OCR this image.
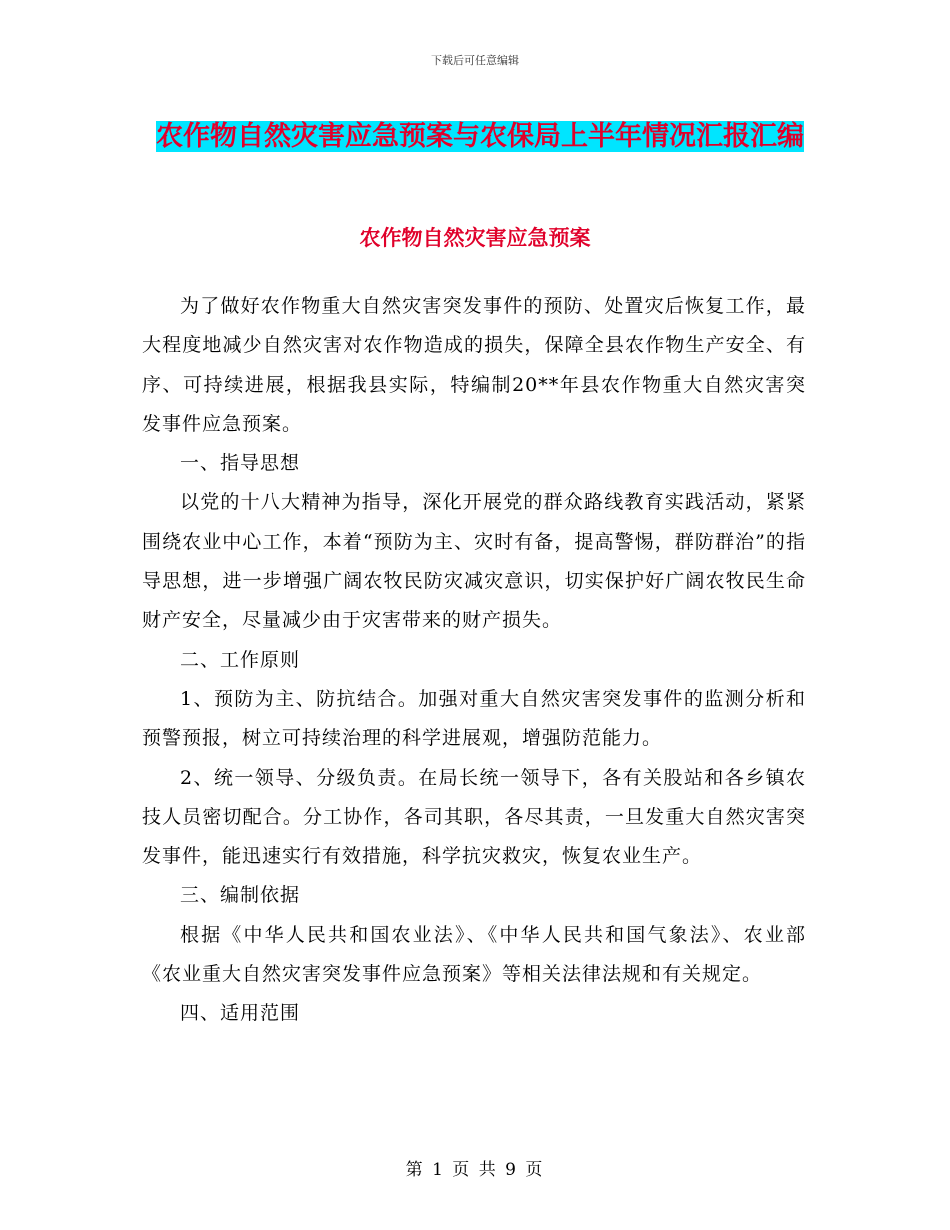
下载后可任意编辑
农作物自然灾害应急预案与农保局上半年情况汇报汇编
农作物自然灾害应急预案

为了做好农作物重大自然灾害突发事件的预防、处置灾后恢复工作，最大程度地减少自然灾害对农作物造成的损失，保障全县农作物生产安全、有序、可持续进展，根据我县实际，特编制20**年县农作物重大自然灾害突发事件应急预案。

一、指导思想

以党的十八大精神为指导，深化开展党的群众路线教育实践活动，紧紧围绕农业中心工作，本着“预防为主、灾时有备，提高警惕，群防群治”的指导思想，进一步增强广阔农牧民防灾减灾意识，切实保护好广阔农牧民生命财产安全，尽量减少由于灾害带来的财产损失。

二、工作原则

1、预防为主、防抗结合。加强对重大自然灾害突发事件的监测分析和预警预报，树立可持续治理的科学进展观，增强防范能力。

2、统一领导、分级负责。在局长统一领导下，各有关股站和各乡镇农技人员密切配合。分工协作，各司其职，各尽其责，一旦发重大自然灾害突发事件，能迅速实行有效措施，科学抗灾救灾，恢复农业生产。

三、编制依据

根据《中华人民共和国农业法》、《中华人民共和国气象法》、农业部《农业重大自然灾害突发事件应急预案》等相关法律法规和有关规定。

四、适用范围

第 1 页 共 9 页
